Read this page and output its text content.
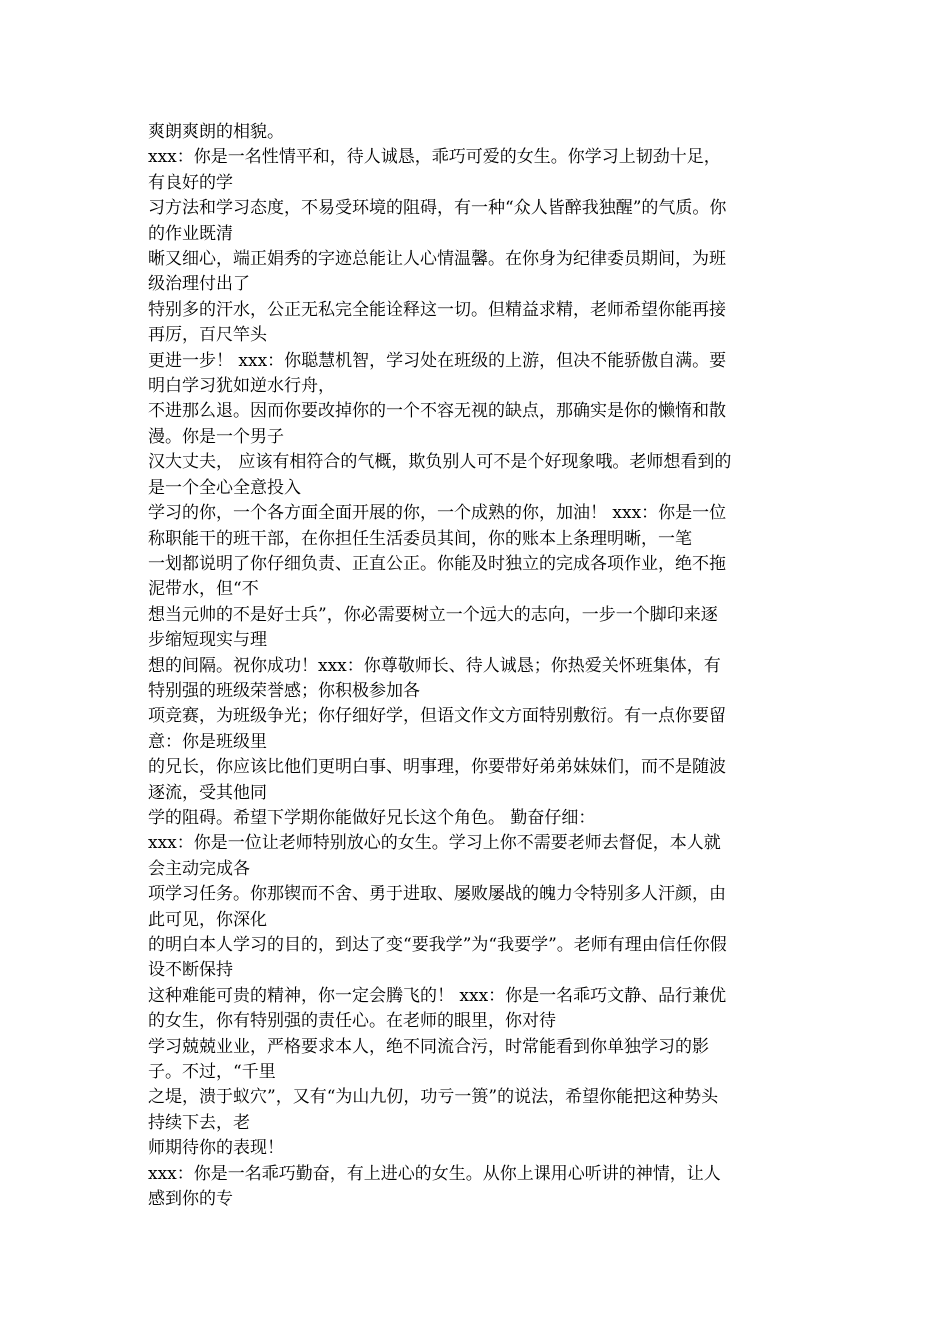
爽朗爽朗的相貌。
xxx：你是一名性情平和，待人诚恳，乖巧可爱的女生。你学习上韧劲十足，
有良好的学
习方法和学习态度，不易受环境的阻碍，有一种“众人皆醉我独醒”的气质。你
的作业既清
晰又细心，端正娟秀的字迹总能让人心情温馨。在你身为纪律委员期间，为班
级治理付出了
特别多的汗水，公正无私完全能诠释这一切。但精益求精，老师希望你能再接
再厉，百尺竿头
更进一步！ xxx：你聪慧机智，学习处在班级的上游，但决不能骄傲自满。要
明白学习犹如逆水行舟，
不进那么退。因而你要改掉你的一个不容无视的缺点，那确实是你的懒惰和散
漫。你是一个男子
汉大丈夫， 应该有相符合的气概，欺负别人可不是个好现象哦。老师想看到的
是一个全心全意投入
学习的你，一个各方面全面开展的你，一个成熟的你，加油！ xxx：你是一位
称职能干的班干部，在你担任生活委员其间，你的账本上条理明晰，一笔
一划都说明了你仔细负责、正直公正。你能及时独立的完成各项作业，绝不拖
泥带水，但“不
想当元帅的不是好士兵”，你必需要树立一个远大的志向，一步一个脚印来逐
步缩短现实与理
想的间隔。祝你成功！xxx：你尊敬师长、待人诚恳；你热爱关怀班集体，有
特别强的班级荣誉感；你积极参加各
项竞赛，为班级争光；你仔细好学，但语文作文方面特别敷衍。有一点你要留
意：你是班级里
的兄长，你应该比他们更明白事、明事理，你要带好弟弟妹妹们，而不是随波
逐流，受其他同
学的阻碍。希望下学期你能做好兄长这个角色。 勤奋仔细：
xxx：你是一位让老师特别放心的女生。学习上你不需要老师去督促，本人就
会主动完成各
项学习任务。你那锲而不舍、勇于进取、屡败屡战的魄力令特别多人汗颜，由
此可见，你深化
的明白本人学习的目的，到达了变“要我学”为“我要学”。老师有理由信任你假
设不断保持
这种难能可贵的精神，你一定会腾飞的！ xxx：你是一名乖巧文静、品行兼优
的女生，你有特别强的责任心。在老师的眼里，你对待
学习兢兢业业，严格要求本人，绝不同流合污，时常能看到你单独学习的影
子。不过，“千里
之堤，溃于蚁穴”，又有“为山九仞，功亏一篑”的说法，希望你能把这种势头
持续下去，老
师期待你的表现！
xxx：你是一名乖巧勤奋，有上进心的女生。从你上课用心听讲的神情，让人
感到你的专
